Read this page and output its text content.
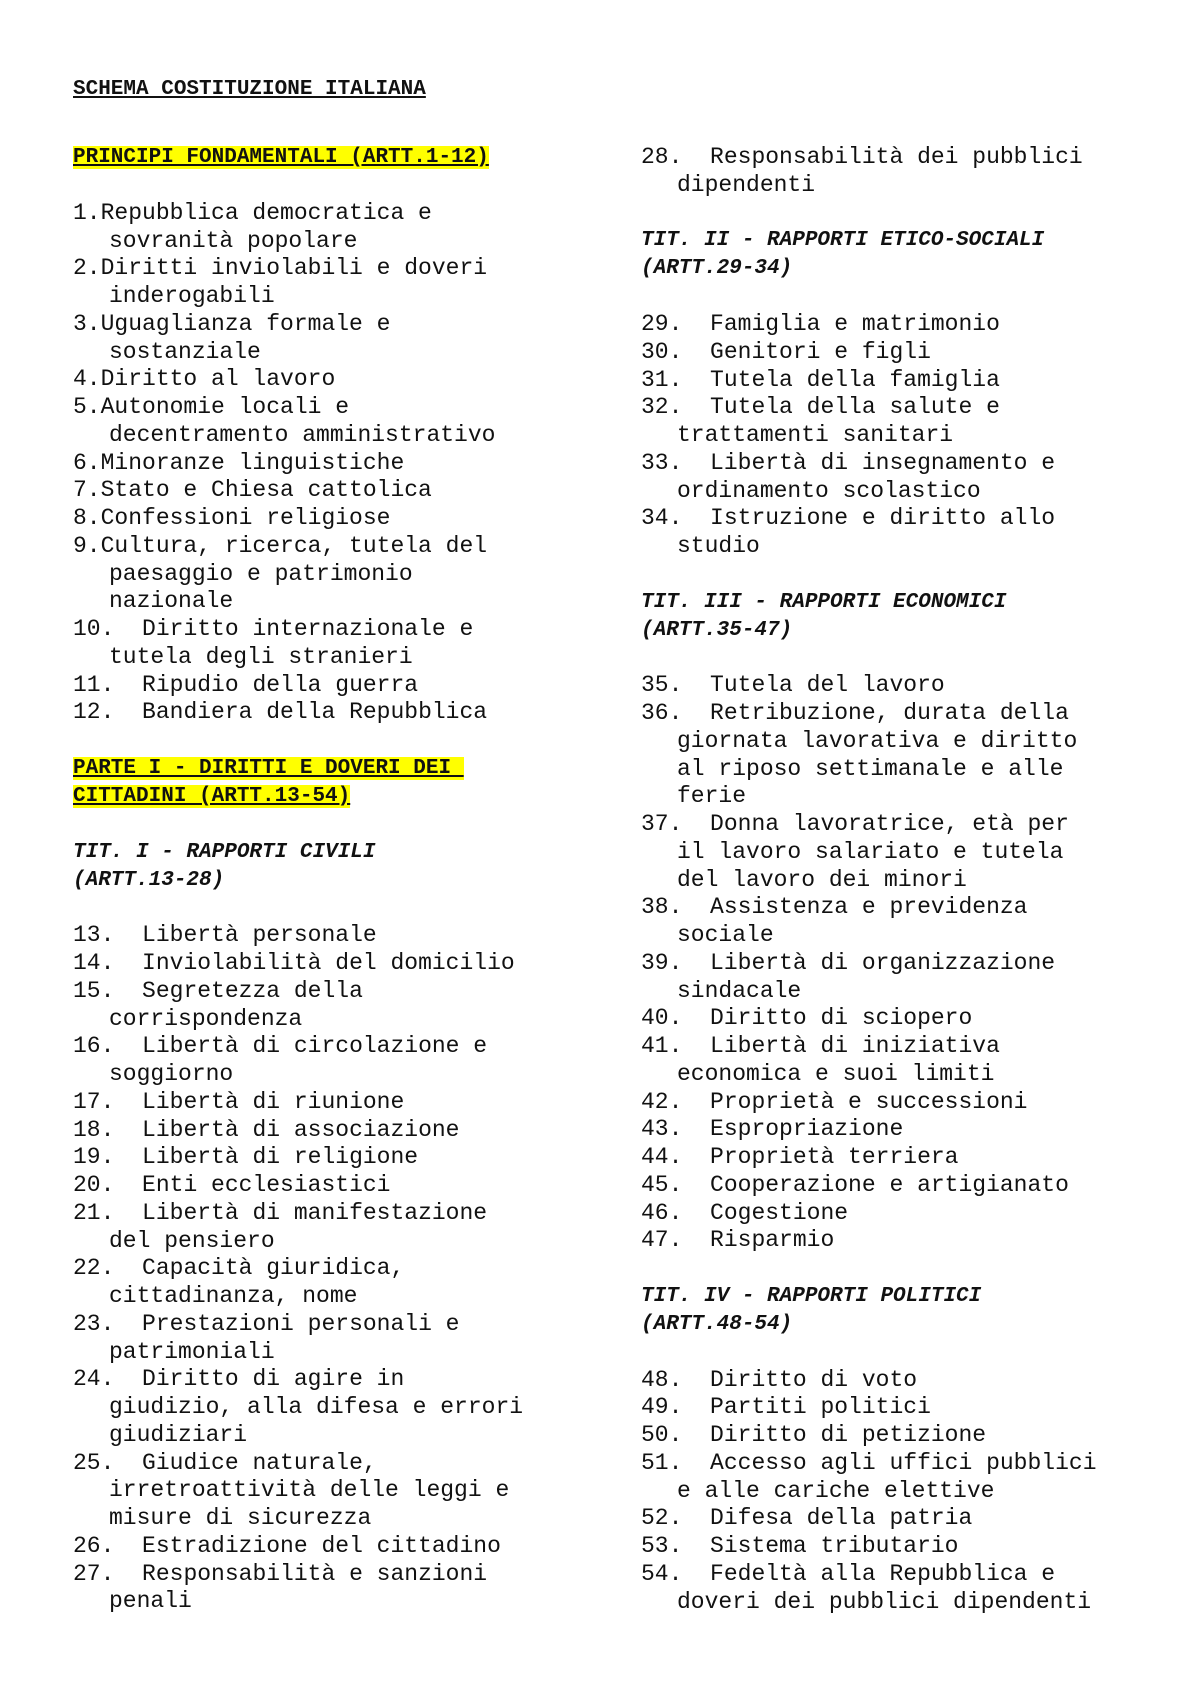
SCHEMA COSTITUZIONE ITALIANA
PRINCIPI FONDAMENTALI (ARTT.1-12)
1.Repubblica democratica e
sovranità popolare
2.Diritti inviolabili e doveri
inderogabili
3.Uguaglianza formale e
sostanziale
4.Diritto al lavoro
5.Autonomie locali e
decentramento amministrativo
6.Minoranze linguistiche
7.Stato e Chiesa cattolica
8.Confessioni religiose
9.Cultura, ricerca, tutela del
paesaggio e patrimonio
nazionale
10. Diritto internazionale e
tutela degli stranieri
11. Ripudio della guerra
12. Bandiera della Repubblica
PARTE I - DIRITTI E DOVERI DEI
CITTADINI (ARTT.13-54)
TIT. I - RAPPORTI CIVILI
(ARTT.13-28)
13. Libertà personale
14. Inviolabilità del domicilio
15. Segretezza della
corrispondenza
16. Libertà di circolazione e
soggiorno
17. Libertà di riunione
18. Libertà di associazione
19. Libertà di religione
20. Enti ecclesiastici
21. Libertà di manifestazione
del pensiero
22. Capacità giuridica,
cittadinanza, nome
23. Prestazioni personali e
patrimoniali
24. Diritto di agire in
giudizio, alla difesa e errori
giudiziari
25. Giudice naturale,
irretroattività delle leggi e
misure di sicurezza
26. Estradizione del cittadino
27. Responsabilità e sanzioni
penali
28. Responsabilità dei pubblici
dipendenti
TIT. II - RAPPORTI ETICO-SOCIALI
(ARTT.29-34)
29. Famiglia e matrimonio
30. Genitori e figli
31. Tutela della famiglia
32. Tutela della salute e
trattamenti sanitari
33. Libertà di insegnamento e
ordinamento scolastico
34. Istruzione e diritto allo
studio
TIT. III - RAPPORTI ECONOMICI
(ARTT.35-47)
35. Tutela del lavoro
36. Retribuzione, durata della
giornata lavorativa e diritto
al riposo settimanale e alle
ferie
37. Donna lavoratrice, età per
il lavoro salariato e tutela
del lavoro dei minori
38. Assistenza e previdenza
sociale
39. Libertà di organizzazione
sindacale
40. Diritto di sciopero
41. Libertà di iniziativa
economica e suoi limiti
42. Proprietà e successioni
43. Espropriazione
44. Proprietà terriera
45. Cooperazione e artigianato
46. Cogestione
47. Risparmio
TIT. IV - RAPPORTI POLITICI
(ARTT.48-54)
48. Diritto di voto
49. Partiti politici
50. Diritto di petizione
51. Accesso agli uffici pubblici
e alle cariche elettive
52. Difesa della patria
53. Sistema tributario
54. Fedeltà alla Repubblica e
doveri dei pubblici dipendenti
